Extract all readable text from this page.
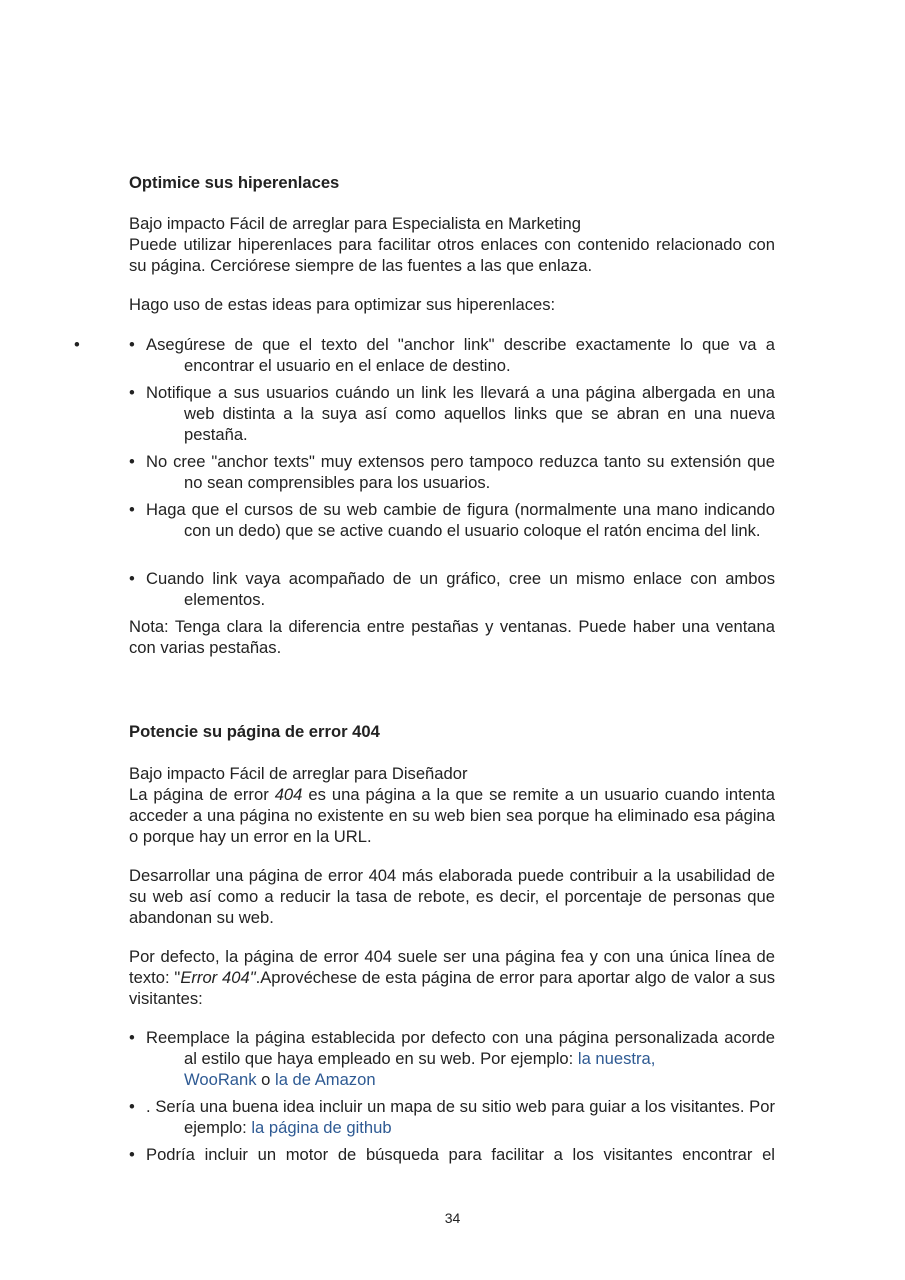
Optimice sus hiperenlaces

Bajo impacto Fácil de arreglar para Especialista en Marketing

Puede utilizar hiperenlaces para facilitar otros enlaces con contenido relacionado con su página. Cerciórese siempre de las fuentes a las que enlaza.

Hago uso de estas ideas para optimizar sus hiperenlaces:

•	• Asegúrese de que el texto del "anchor link" describe exactamente lo que va a encontrar el usuario en el enlace de destino.
• Notifique a sus usuarios cuándo un link les llevará a una página albergada en una web distinta a la suya así como aquellos links que se abran en una nueva pestaña.
• No cree "anchor texts" muy extensos pero tampoco reduzca tanto su extensión que no sean comprensibles para los usuarios.
• Haga que el cursos de su web cambie de figura (normalmente una mano indicando con un dedo) que se active cuando el usuario coloque el ratón encima del link.
• Cuando link vaya acompañado de un gráfico, cree un mismo enlace con ambos elementos.

Nota: Tenga clara la diferencia entre pestañas y ventanas. Puede haber una ventana con varias pestañas.

Potencie su página de error 404

Bajo impacto Fácil de arreglar para Diseñador

La página de error 404 es una página a la que se remite a un usuario cuando intenta acceder a una página no existente en su web bien sea porque ha eliminado esa página o porque hay un error en la URL.

Desarrollar una página de error 404 más elaborada puede contribuir a la usabilidad de su web así como a reducir la tasa de rebote, es decir, el porcentaje de personas que abandonan su web.

Por defecto, la página de error 404 suele ser una página fea y con una única línea de texto: "Error 404".Aprovéchese de esta página de error para aportar algo de valor a sus visitantes:

• Reemplace la página establecida por defecto con una página personalizada acorde al estilo que haya empleado en su web. Por ejemplo: la nuestra,
WooRank o la de Amazon
• . Sería una buena idea incluir un mapa de su sitio web para guiar a los visitantes. Por ejemplo: la página de github
• Podría incluir un motor de búsqueda para facilitar a los visitantes encontrar el
34
